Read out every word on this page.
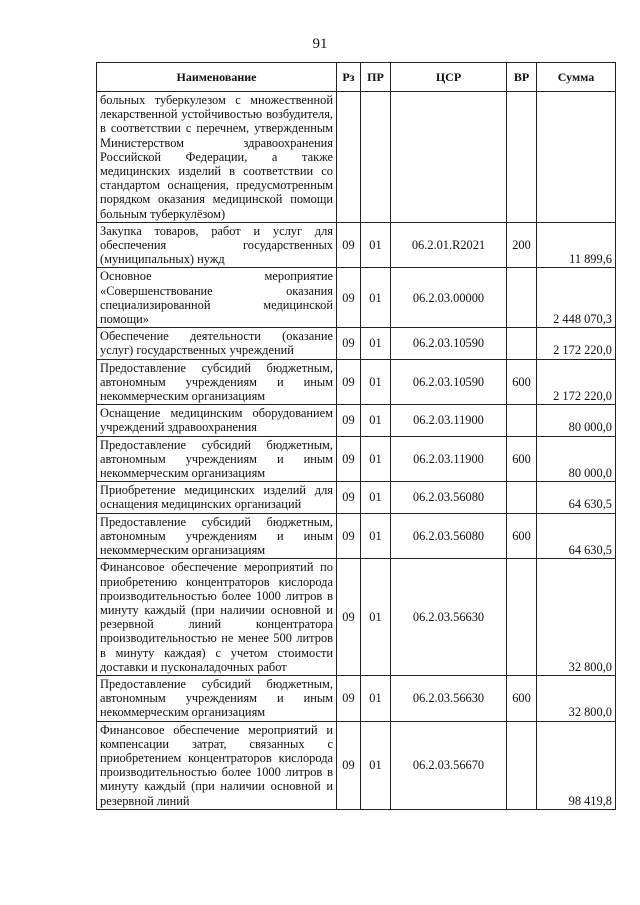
91
Наименование	Рз	ПР	ЦСР	ВР	Сумма
больных туберкулезом с множественной лекарственной устойчивостью возбудителя, в соответствии с перечнем, утвержденным Министерством здравоохранения Российской Федерации, а также медицинских изделий в соответствии со стандартом оснащения, предусмотренным порядком оказания медицинской помощи больным туберкулёзом)					
Закупка товаров, работ и услуг для обеспечения государственных (муниципальных) нужд	09	01	06.2.01.R2021	200	11 899,6
Основное мероприятие «Совершенствование оказания специализированной медицинской помощи»	09	01	06.2.03.00000		2 448 070,3
Обеспечение деятельности (оказание услуг) государственных учреждений	09	01	06.2.03.10590		2 172 220,0
Предоставление субсидий бюджетным, автономным учреждениям и иным некоммерческим организациям	09	01	06.2.03.10590	600	2 172 220,0
Оснащение медицинским оборудованием учреждений здравоохранения	09	01	06.2.03.11900		80 000,0
Предоставление субсидий бюджетным, автономным учреждениям и иным некоммерческим организациям	09	01	06.2.03.11900	600	80 000,0
Приобретение медицинских изделий для оснащения медицинских организаций	09	01	06.2.03.56080		64 630,5
Предоставление субсидий бюджетным, автономным учреждениям и иным некоммерческим организациям	09	01	06.2.03.56080	600	64 630,5
Финансовое обеспечение мероприятий по приобретению концентраторов кислорода производительностью более 1000 литров в минуту каждый (при наличии основной и резервной линий концентратора производительностью не менее 500 литров в минуту каждая) с учетом стоимости доставки и пусконаладочных работ	09	01	06.2.03.56630		32 800,0
Предоставление субсидий бюджетным, автономным учреждениям и иным некоммерческим организациям	09	01	06.2.03.56630	600	32 800,0
Финансовое обеспечение мероприятий и компенсации затрат, связанных с приобретением концентраторов кислорода производительностью более 1000 литров в минуту каждый (при наличии основной и резервной линий	09	01	06.2.03.56670		98 419,8
